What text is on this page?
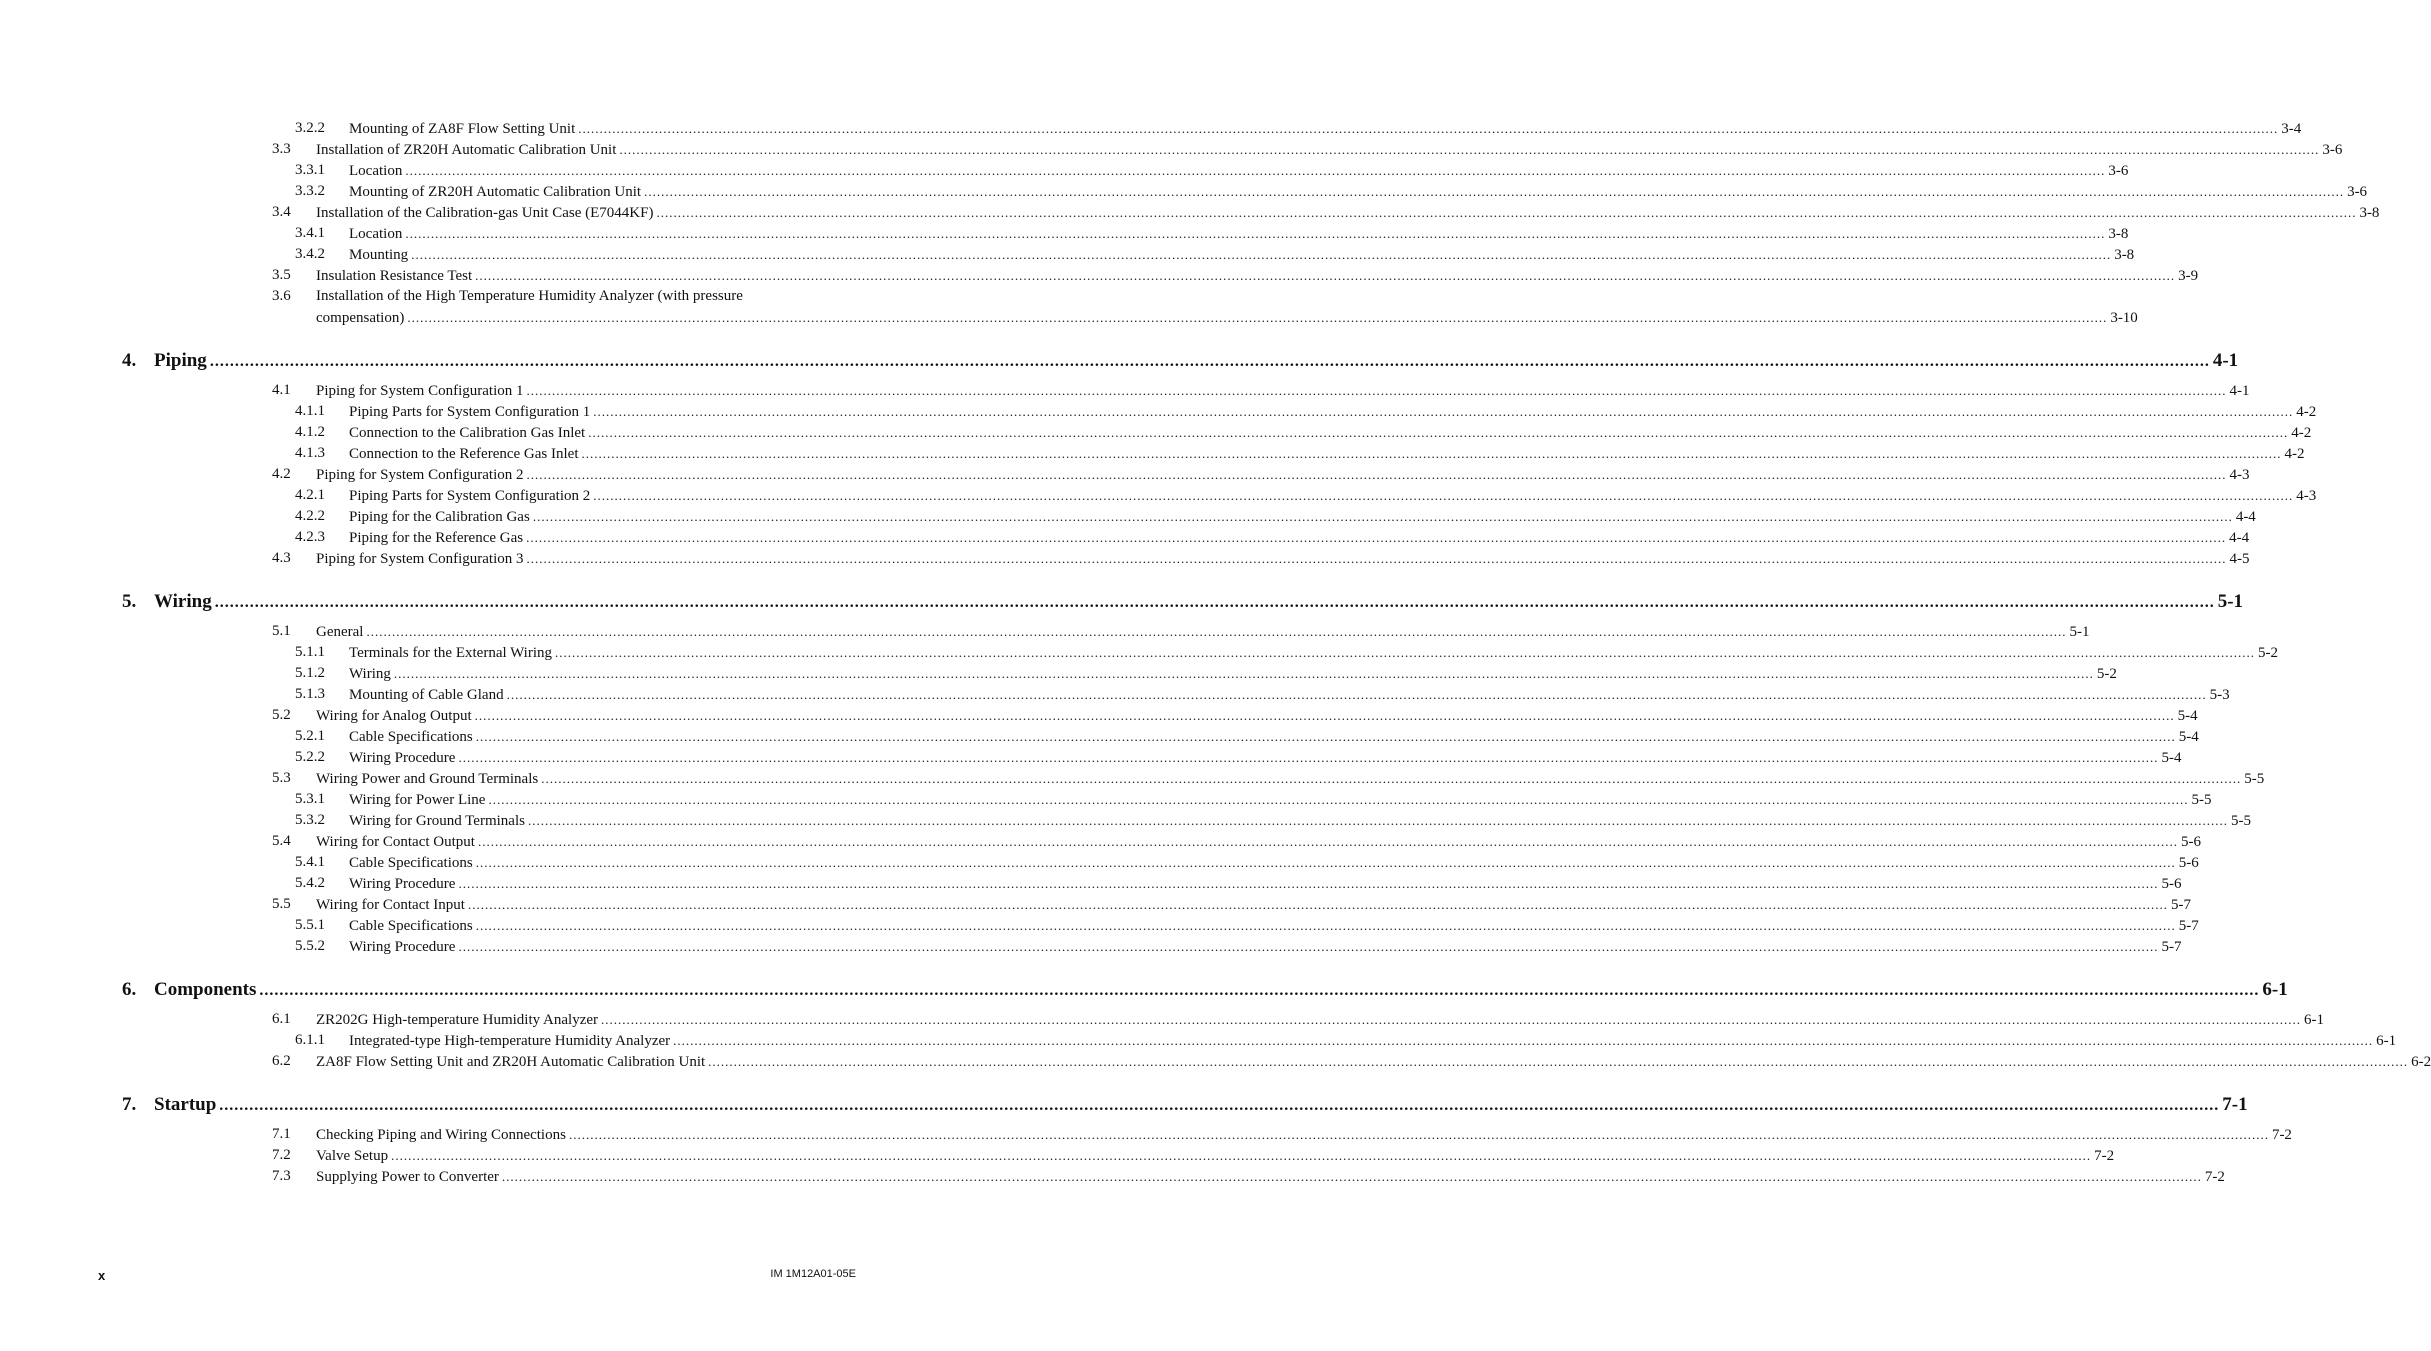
3.2.2 Mounting of ZA8F Flow Setting Unit ................................................................................................................................................................................................................................................................................................................................................................................................................ 3-4
3.3 Installation of ZR20H Automatic Calibration Unit ................................................................................................................................................................................................................................................................................................................................................................................................................ 3-6
3.3.1 Location ................................................................................................................................................................................................................................................................................................................................................................................................................ 3-6
3.3.2 Mounting of ZR20H Automatic Calibration Unit ................................................................................................................................................................................................................................................................................................................................................................................................................ 3-6
3.4 Installation of the Calibration-gas Unit Case (E7044KF) ................................................................................................................................................................................................................................................................................................................................................................................................................ 3-8
3.4.1 Location ................................................................................................................................................................................................................................................................................................................................................................................................................ 3-8
3.4.2 Mounting ................................................................................................................................................................................................................................................................................................................................................................................................................ 3-8
3.5 Insulation Resistance Test ................................................................................................................................................................................................................................................................................................................................................................................................................ 3-9
3.6 Installation of the High Temperature Humidity Analyzer (with pressure
compensation) ................................................................................................................................................................................................................................................................................................................................................................................................................ 3-10
4. Piping ................................................................................................................................................................................................................................................................................................................................................................................................................ 4-1
4.1 Piping for System Configuration 1 ................................................................................................................................................................................................................................................................................................................................................................................................................ 4-1
4.1.1 Piping Parts for System Configuration 1 ................................................................................................................................................................................................................................................................................................................................................................................................................ 4-2
4.1.2 Connection to the Calibration Gas Inlet ................................................................................................................................................................................................................................................................................................................................................................................................................ 4-2
4.1.3 Connection to the Reference Gas Inlet ................................................................................................................................................................................................................................................................................................................................................................................................................ 4-2
4.2 Piping for System Configuration 2 ................................................................................................................................................................................................................................................................................................................................................................................................................ 4-3
4.2.1 Piping Parts for System Configuration 2 ................................................................................................................................................................................................................................................................................................................................................................................................................ 4-3
4.2.2 Piping for the Calibration Gas ................................................................................................................................................................................................................................................................................................................................................................................................................ 4-4
4.2.3 Piping for the Reference Gas ................................................................................................................................................................................................................................................................................................................................................................................................................ 4-4
4.3 Piping for System Configuration 3 ................................................................................................................................................................................................................................................................................................................................................................................................................ 4-5
5. Wiring ................................................................................................................................................................................................................................................................................................................................................................................................................ 5-1
5.1 General ................................................................................................................................................................................................................................................................................................................................................................................................................ 5-1
5.1.1 Terminals for the External Wiring ................................................................................................................................................................................................................................................................................................................................................................................................................ 5-2
5.1.2 Wiring ................................................................................................................................................................................................................................................................................................................................................................................................................ 5-2
5.1.3 Mounting of Cable Gland ................................................................................................................................................................................................................................................................................................................................................................................................................ 5-3
5.2 Wiring for Analog Output ................................................................................................................................................................................................................................................................................................................................................................................................................ 5-4
5.2.1 Cable Specifications ................................................................................................................................................................................................................................................................................................................................................................................................................ 5-4
5.2.2 Wiring Procedure ................................................................................................................................................................................................................................................................................................................................................................................................................ 5-4
5.3 Wiring Power and Ground Terminals ................................................................................................................................................................................................................................................................................................................................................................................................................ 5-5
5.3.1 Wiring for Power Line ................................................................................................................................................................................................................................................................................................................................................................................................................ 5-5
5.3.2 Wiring for Ground Terminals ................................................................................................................................................................................................................................................................................................................................................................................................................ 5-5
5.4 Wiring for Contact Output ................................................................................................................................................................................................................................................................................................................................................................................................................ 5-6
5.4.1 Cable Specifications ................................................................................................................................................................................................................................................................................................................................................................................................................ 5-6
5.4.2 Wiring Procedure ................................................................................................................................................................................................................................................................................................................................................................................................................ 5-6
5.5 Wiring for Contact Input ................................................................................................................................................................................................................................................................................................................................................................................................................ 5-7
5.5.1 Cable Specifications ................................................................................................................................................................................................................................................................................................................................................................................................................ 5-7
5.5.2 Wiring Procedure ................................................................................................................................................................................................................................................................................................................................................................................................................ 5-7
6. Components ................................................................................................................................................................................................................................................................................................................................................................................................................ 6-1
6.1 ZR202G High-temperature Humidity Analyzer ................................................................................................................................................................................................................................................................................................................................................................................................................ 6-1
6.1.1 Integrated-type High-temperature Humidity Analyzer ................................................................................................................................................................................................................................................................................................................................................................................................................ 6-1
6.2 ZA8F Flow Setting Unit and ZR20H Automatic Calibration Unit ................................................................................................................................................................................................................................................................................................................................................................................................................ 6-2
7. Startup ................................................................................................................................................................................................................................................................................................................................................................................................................ 7-1
7.1 Checking Piping and Wiring Connections ................................................................................................................................................................................................................................................................................................................................................................................................................ 7-2
7.2 Valve Setup ................................................................................................................................................................................................................................................................................................................................................................................................................ 7-2
7.3 Supplying Power to Converter ................................................................................................................................................................................................................................................................................................................................................................................................................ 7-2
x	IM 1M12A01-05E
